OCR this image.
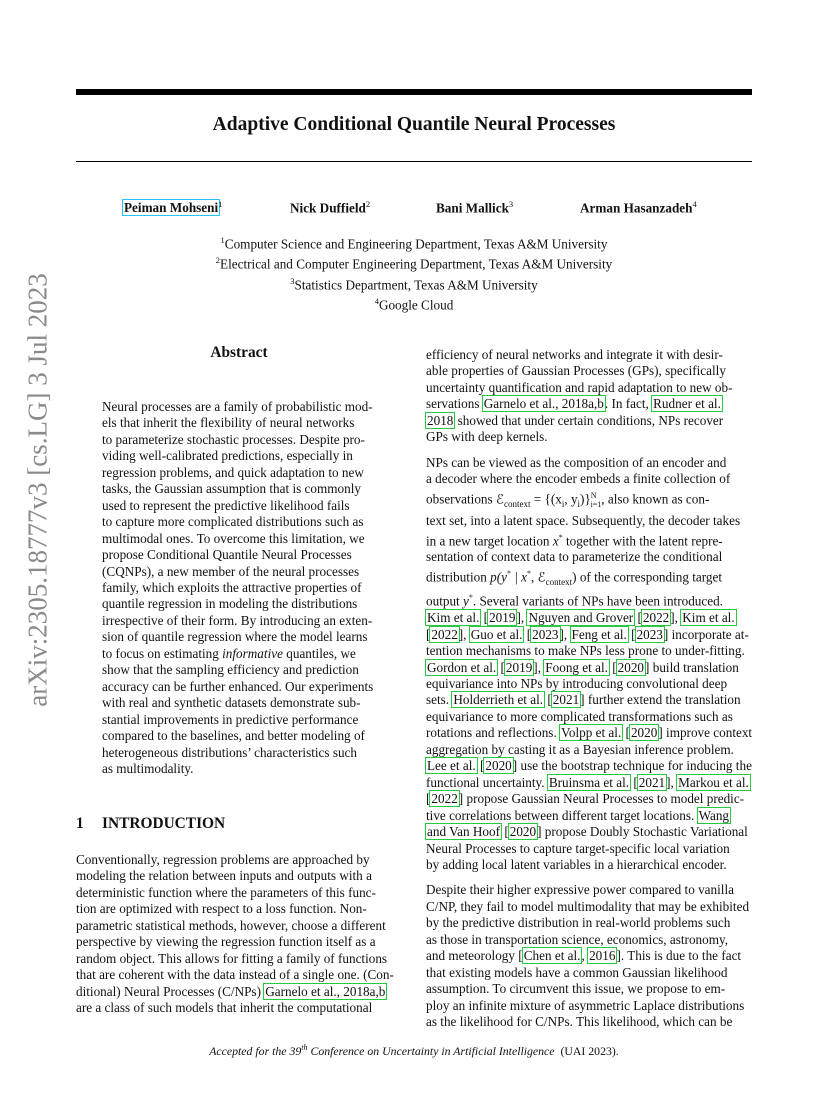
arXiv:2305.18777v3 [cs.LG] 3 Jul 2023
Adaptive Conditional Quantile Neural Processes
Peiman Mohseni$^1$	Nick Duffield$^2$	Bani Mallick$^3$	Arman Hasanzadeh$^4$
$^1$Computer Science and Engineering Department, Texas A&M University
$^2$Electrical and Computer Engineering Department, Texas A&M University
$^3$Statistics Department, Texas A&M University
$^4$Google Cloud
Abstract
Neural processes are a family of probabilistic mod-
els that inherit the flexibility of neural networks
to parameterize stochastic processes. Despite pro-
viding well-calibrated predictions, especially in
regression problems, and quick adaptation to new
tasks, the Gaussian assumption that is commonly
used to represent the predictive likelihood fails
to capture more complicated distributions such as
multimodal ones. To overcome this limitation, we
propose Conditional Quantile Neural Processes
(CQNPs), a new member of the neural processes
family, which exploits the attractive properties of
quantile regression in modeling the distributions
irrespective of their form. By introducing an exten-
sion of quantile regression where the model learns
to focus on estimating informative quantiles, we
show that the sampling efficiency and prediction
accuracy can be further enhanced. Our experiments
with real and synthetic datasets demonstrate sub-
stantial improvements in predictive performance
compared to the baselines, and better modeling of
heterogeneous distributions’ characteristics such
as multimodality.
1 INTRODUCTION
Conventionally, regression problems are approached by
modeling the relation between inputs and outputs with a
deterministic function where the parameters of this func-
tion are optimized with respect to a loss function. Non-
parametric statistical methods, however, choose a different
perspective by viewing the regression function itself as a
random object. This allows for fitting a family of functions
that are coherent with the data instead of a single one. (Con-
ditional) Neural Processes (C/NPs) Garnelo et al., 2018a,b
are a class of such models that inherit the computational

efficiency of neural networks and integrate it with desir-
able properties of Gaussian Processes (GPs), specifically
uncertainty quantification and rapid adaptation to new ob-
servations Garnelo et al., 2018a,b. In fact, Rudner et al.
2018 showed that under certain conditions, NPs recover
GPs with deep kernels.

NPs can be viewed as the composition of an encoder and
a decoder where the encoder embeds a finite collection of
observations ℰ$_{context}$ = {($x_i$, $y_i)\}^N_{i=1}$, also known as con-
text set, into a latent space. Subsequently, the decoder takes
in a new target location x* together with the latent repre-
sentation of context data to parameterize the conditional
distribution p(y* | x*, ℰ$_{context}$) of the corresponding target
output y*. Several variants of NPs have been introduced.
Kim et al. [2019], Nguyen and Grover [2022], Kim et al.
[2022], Guo et al. [2023], Feng et al. [2023] incorporate at-
tention mechanisms to make NPs less prone to under-fitting.
Gordon et al. [2019], Foong et al. [2020] build translation
equivariance into NPs by introducing convolutional deep
sets. Holderrieth et al. [2021] further extend the translation
equivariance to more complicated transformations such as
rotations and reflections. Volpp et al. [2020] improve context
aggregation by casting it as a Bayesian inference problem.
Lee et al. [2020] use the bootstrap technique for inducing the
functional uncertainty. Bruinsma et al. [2021], Markou et al.
[2022] propose Gaussian Neural Processes to model predic-
tive correlations between different target locations. Wang
and Van Hoof [2020] propose Doubly Stochastic Variational
Neural Processes to capture target-specific local variation
by adding local latent variables in a hierarchical encoder.

Despite their higher expressive power compared to vanilla
C/NP, they fail to model multimodality that may be exhibited
by the predictive distribution in real-world problems such
as those in transportation science, economics, astronomy,
and meteorology [Chen et al., 2016]. This is due to the fact
that existing models have a common Gaussian likelihood
assumption. To circumvent this issue, we propose to em-
ploy an infinite mixture of asymmetric Laplace distributions
as the likelihood for C/NPs. This likelihood, which can be

Accepted for the 39th Conference on Uncertainty in Artificial Intelligence (UAI 2023).
